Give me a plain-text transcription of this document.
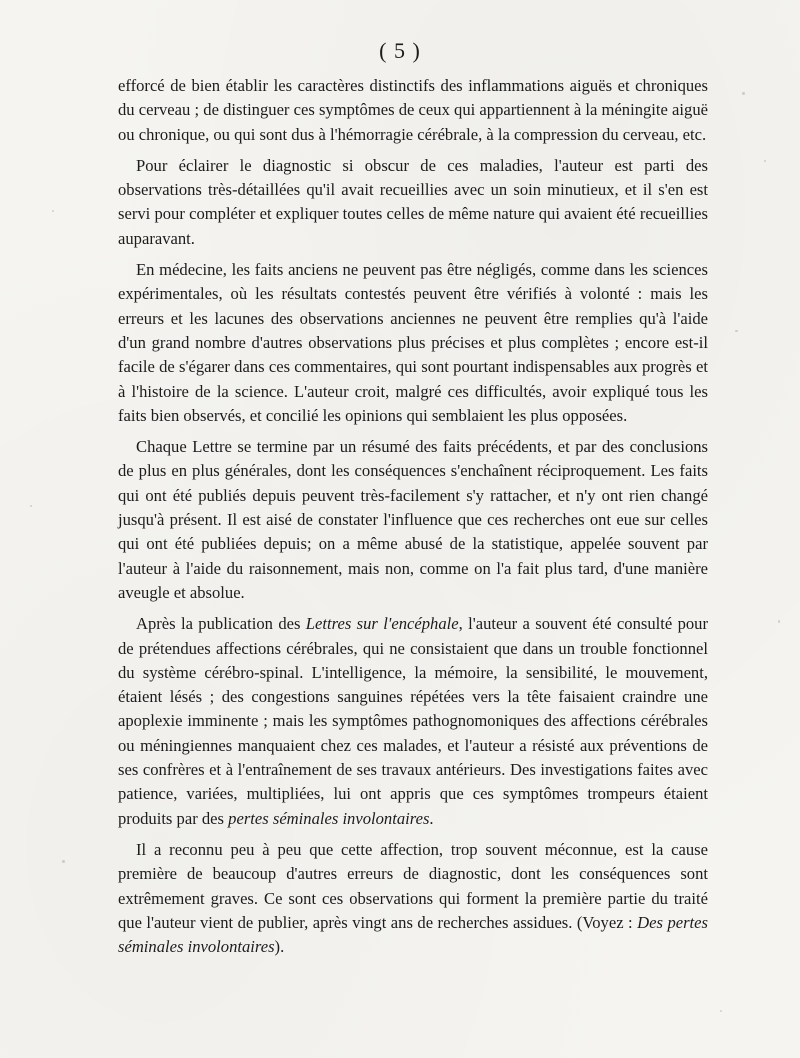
( 5 )

efforcé de bien établir les caractères distinctifs des inflammations aiguës et chroniques du cerveau ; de distinguer ces symptômes de ceux qui appartiennent à la méningite aiguë ou chronique, ou qui sont dus à l'hémorragie cérébrale, à la compression du cerveau, etc.

Pour éclairer le diagnostic si obscur de ces maladies, l'auteur est parti des observations très-détaillées qu'il avait recueillies avec un soin minutieux, et il s'en est servi pour compléter et expliquer toutes celles de même nature qui avaient été recueillies auparavant.

En médecine, les faits anciens ne peuvent pas être négligés, comme dans les sciences expérimentales, où les résultats contestés peuvent être vérifiés à volonté : mais les erreurs et les lacunes des observations anciennes ne peuvent être remplies qu'à l'aide d'un grand nombre d'autres observations plus précises et plus complètes ; encore est-il facile de s'égarer dans ces commentaires, qui sont pourtant indispensables aux progrès et à l'histoire de la science. L'auteur croit, malgré ces difficultés, avoir expliqué tous les faits bien observés, et concilié les opinions qui semblaient les plus opposées.

Chaque Lettre se termine par un résumé des faits précédents, et par des conclusions de plus en plus générales, dont les conséquences s'enchaînent réciproquement. Les faits qui ont été publiés depuis peuvent très-facilement s'y rattacher, et n'y ont rien changé jusqu'à présent. Il est aisé de constater l'influence que ces recherches ont eue sur celles qui ont été publiées depuis; on a même abusé de la statistique, appelée souvent par l'auteur à l'aide du raisonnement, mais non, comme on l'a fait plus tard, d'une manière aveugle et absolue.

Après la publication des Lettres sur l'encéphale, l'auteur a souvent été consulté pour de prétendues affections cérébrales, qui ne consistaient que dans un trouble fonctionnel du système cérébro-spinal. L'intelligence, la mémoire, la sensibilité, le mouvement, étaient lésés ; des congestions sanguines répétées vers la tête faisaient craindre une apoplexie imminente ; mais les symptômes pathognomoniques des affections cérébrales ou méningiennes manquaient chez ces malades, et l'auteur a résisté aux préventions de ses confrères et à l'entraînement de ses travaux antérieurs. Des investigations faites avec patience, variées, multipliées, lui ont appris que ces symptômes trompeurs étaient produits par des pertes séminales involontaires.

Il a reconnu peu à peu que cette affection, trop souvent méconnue, est la cause première de beaucoup d'autres erreurs de diagnostic, dont les conséquences sont extrêmement graves. Ce sont ces observations qui forment la première partie du traité que l'auteur vient de publier, après vingt ans de recherches assidues. (Voyez : Des pertes séminales involontaires).
